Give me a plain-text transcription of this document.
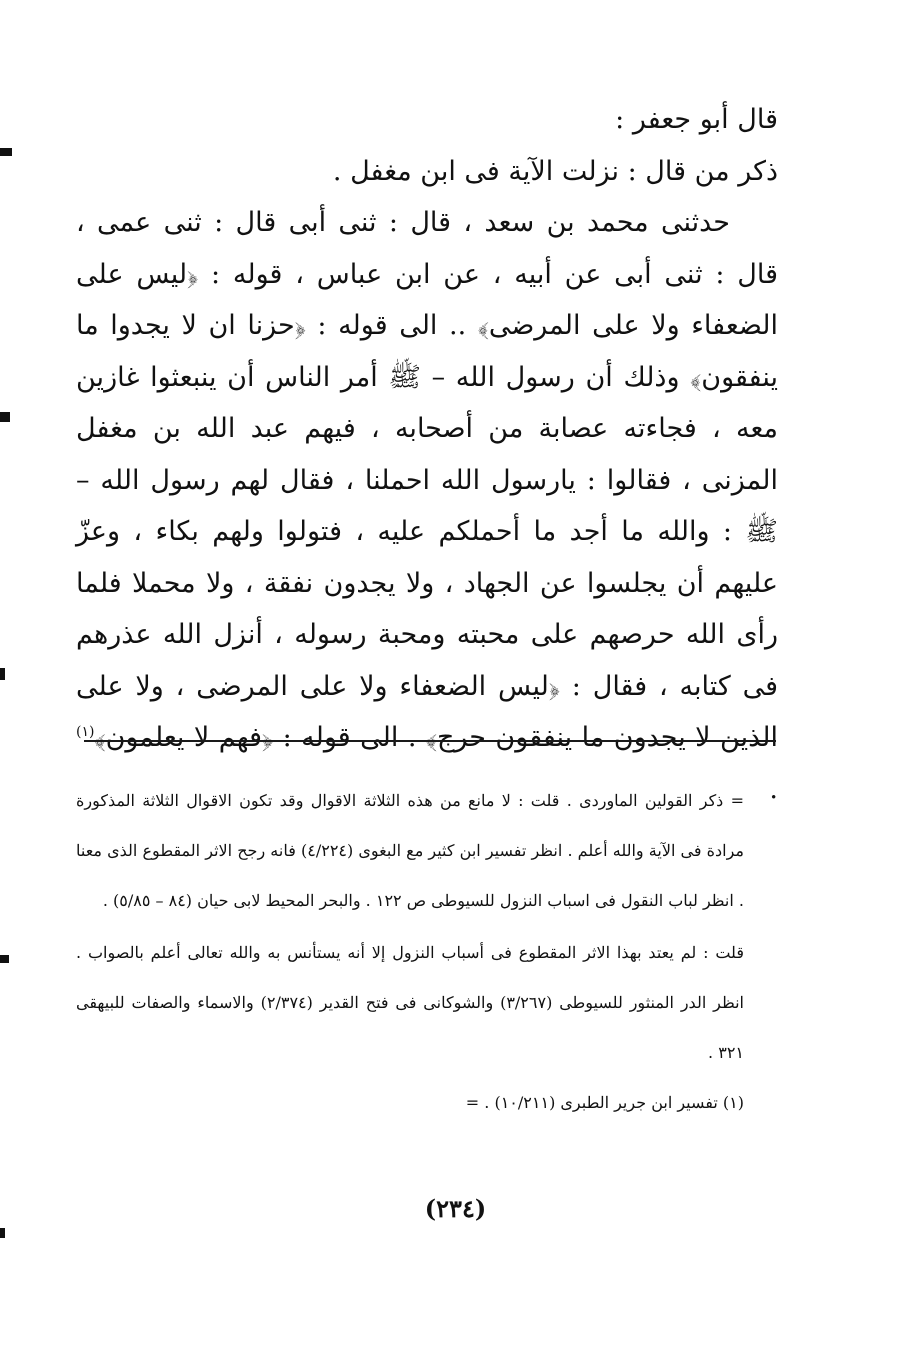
قال أبو جعفر :

ذكر من قال : نزلت الآية فى ابن مغفل .

حدثنى محمد بن سعد ، قال : ثنى أبى قال : ثنى عمى ، قال : ثنى أبى عن أبيه ، عن ابن عباس ، قوله : ﴿ليس على الضعفاء ولا على المرضى﴾ .. الى قوله : ﴿حزنا ان لا يجدوا ما ينفقون﴾ وذلك أن رسول الله – ﷺ أمر الناس أن ينبعثوا غازين معه ، فجاءته عصابة من أصحابه ، فيهم عبد الله بن مغفل المزنى ، فقالوا : يارسول الله احملنا ، فقال لهم رسول الله – ﷺ : والله ما أجد ما أحملكم عليه ، فتولوا ولهم بكاء ، وعزّ عليهم أن يجلسوا عن الجهاد ، ولا يجدون نفقة ، ولا محملا فلما رأى الله حرصهم على محبته ومحبة رسوله ، أنزل الله عذرهم فى كتابه ، فقال : ﴿ليس الضعفاء ولا على المرضى ، ولا على الذين لا يجدون ما ينفقون حرج﴾ . الى قوله : ﴿فهم لا يعلمون﴾$^{(١)}$ .

= ذكر القولين الماوردى . قلت : لا مانع من هذه الثلاثة الاقوال وقد تكون الاقوال الثلاثة المذكورة مرادة فى الآية والله أعلم . انظر تفسير ابن كثير مع البغوى (٤/٢٢٤) فانه رجح الاثر المقطوع الذى معنا . انظر لباب النقول فى اسباب النزول للسيوطى ص ١٢٢ . والبحر المحيط لابى حيان (٨٤ – ٥/٨٥) .

قلت : لم يعتد بهذا الاثر المقطوع فى أسباب النزول إلا أنه يستأنس به والله تعالى أعلم بالصواب . انظر الدر المنثور للسيوطى (٣/٢٦٧) والشوكانى فى فتح القدير (٢/٣٧٤) والاسماء والصفات للبيهقى ٣٢١ .

(١) تفسير ابن جرير الطبرى (١٠/٢١١) . =

(٢٣٤)
